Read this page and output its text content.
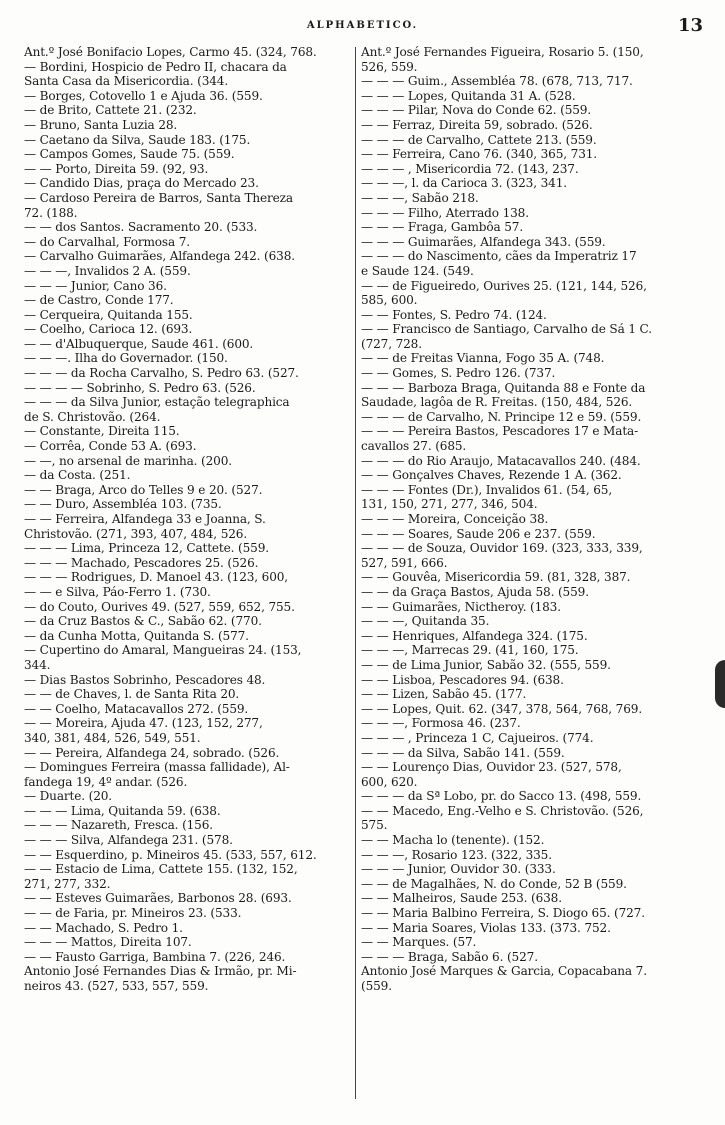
ALPHABETICO.	13
Ant.º José Bonifacio Lopes, Carmo 45. (324, 768.
— Bordini, Hospicio de Pedro II, chacara da
Santa Casa da Misericordia. (344.
— Borges, Cotovello 1 e Ajuda 36. (559.
— de Brito, Cattete 21. (232.
— Bruno, Santa Luzia 28.
— Caetano da Silva, Saude 183. (175.
— Campos Gomes, Saude 75. (559.
— — Porto, Direita 59. (92, 93.
— Candido Dias, praça do Mercado 23.
— Cardoso Pereira de Barros, Santa Thereza
72. (188.
— — dos Santos. Sacramento 20. (533.
— do Carvalhal, Formosa 7.
— Carvalho Guimarães, Alfandega 242. (638.
— — —, Invalidos 2 A. (559.
— — — Junior, Cano 36.
— de Castro, Conde 177.
— Cerqueira, Quitanda 155.
— Coelho, Carioca 12. (693.
— — d'Albuquerque, Saude 461. (600.
— — —. Ilha do Governador. (150.
— — — da Rocha Carvalho, S. Pedro 63. (527.
— — — — Sobrinho, S. Pedro 63. (526.
— — — da Silva Junior, estação telegraphica
de S. Christovão. (264.
— Constante, Direita 115.
— Corrêa, Conde 53 A. (693.
— —, no arsenal de marinha. (200.
— da Costa. (251.
— — Braga, Arco do Telles 9 e 20. (527.
— — Duro, Assembléa 103. (735.
— — Ferreira, Alfandega 33 e Joanna, S.
Christovão. (271, 393, 407, 484, 526.
— — — Lima, Princeza 12, Cattete. (559.
— — — Machado, Pescadores 25. (526.
— — — Rodrigues, D. Manoel 43. (123, 600,
— — e Silva, Páo-Ferro 1. (730.
— do Couto, Ourives 49. (527, 559, 652, 755.
— da Cruz Bastos & C., Sabão 62. (770.
— da Cunha Motta, Quitanda S. (577.
— Cupertino do Amaral, Mangueiras 24. (153,
344.
— Dias Bastos Sobrinho, Pescadores 48.
— — de Chaves, l. de Santa Rita 20.
— — Coelho, Matacavallos 272. (559.
— — Moreira, Ajuda 47. (123, 152, 277,
340, 381, 484, 526, 549, 551.
— — Pereira, Alfandega 24, sobrado. (526.
— Domingues Ferreira (massa fallidade), Al-
fandega 19, 4º andar. (526.
— Duarte. (20.
— — — Lima, Quitanda 59. (638.
— — — Nazareth, Fresca. (156.
— — — Silva, Alfandega 231. (578.
— — Esquerdino, p. Mineiros 45. (533, 557, 612.
— — Estacio de Lima, Cattete 155. (132, 152,
271, 277, 332.
— — Esteves Guimarães, Barbonos 28. (693.
— — de Faria, pr. Mineiros 23. (533.
— — Machado, S. Pedro 1.
— — — Mattos, Direita 107.
— — Fausto Garriga, Bambina 7. (226, 246.
Antonio José Fernandes Dias & Irmão, pr. Mi-
neiros 43. (527, 533, 557, 559.
Ant.º José Fernandes Figueira, Rosario 5. (150,
526, 559.
— — — Guim., Assembléa 78. (678, 713, 717.
— — — Lopes, Quitanda 31 A. (528.
— — — Pilar, Nova do Conde 62. (559.
— — Ferraz, Direita 59, sobrado. (526.
— — — de Carvalho, Cattete 213. (559.
— — Ferreira, Cano 76. (340, 365, 731.
— — — , Misericordia 72. (143, 237.
— — —, l. da Carioca 3. (323, 341.
— — —, Sabão 218.
— — — Filho, Aterrado 138.
— — — Fraga, Gambôa 57.
— — — Guimarães, Alfandega 343. (559.
— — — do Nascimento, cães da Imperatriz 17
e Saude 124. (549.
— — de Figueiredo, Ourives 25. (121, 144, 526,
585, 600.
— — Fontes, S. Pedro 74. (124.
— — Francisco de Santiago, Carvalho de Sá 1 C.
(727, 728.
— — de Freitas Vianna, Fogo 35 A. (748.
— — Gomes, S. Pedro 126. (737.
— — — Barboza Braga, Quitanda 88 e Fonte da
Saudade, lagôa de R. Freitas. (150, 484, 526.
— — — de Carvalho, N. Principe 12 e 59. (559.
— — — Pereira Bastos, Pescadores 17 e Mata-
cavallos 27. (685.
— — — do Rio Araujo, Matacavallos 240. (484.
— — Gonçalves Chaves, Rezende 1 A. (362.
— — — Fontes (Dr.), Invalidos 61. (54, 65,
131, 150, 271, 277, 346, 504.
— — — Moreira, Conceição 38.
— — — Soares, Saude 206 e 237. (559.
— — — de Souza, Ouvidor 169. (323, 333, 339,
527, 591, 666.
— — Gouvêa, Misericordia 59. (81, 328, 387.
— — da Graça Bastos, Ajuda 58. (559.
— — Guimarães, Nictheroy. (183.
— — —, Quitanda 35.
— — Henriques, Alfandega 324. (175.
— — —, Marrecas 29. (41, 160, 175.
— — de Lima Junior, Sabão 32. (555, 559.
— — Lisboa, Pescadores 94. (638.
— — Lizen, Sabão 45. (177.
— — Lopes, Quit. 62. (347, 378, 564, 768, 769.
— — —, Formosa 46. (237.
— — — , Princeza 1 C, Cajueiros. (774.
— — — da Silva, Sabão 141. (559.
— — Lourenço Dias, Ouvidor 23. (527, 578,
600, 620.
— — — da Sª Lobo, pr. do Sacco 13. (498, 559.
— — Macedo, Eng.-Velho e S. Christovão. (526,
575.
— — Macha lo (tenente). (152.
— — —, Rosario 123. (322, 335.
— — — Junior, Ouvidor 30. (333.
— — de Magalhães, N. do Conde, 52 B (559.
— — Malheiros, Saude 253. (638.
— — Maria Balbino Ferreira, S. Diogo 65. (727.
— — Maria Soares, Violas 133. (373. 752.
— — Marques. (57.
— — — Braga, Sabão 6. (527.
Antonio José Marques & Garcia, Copacabana 7.
(559.
